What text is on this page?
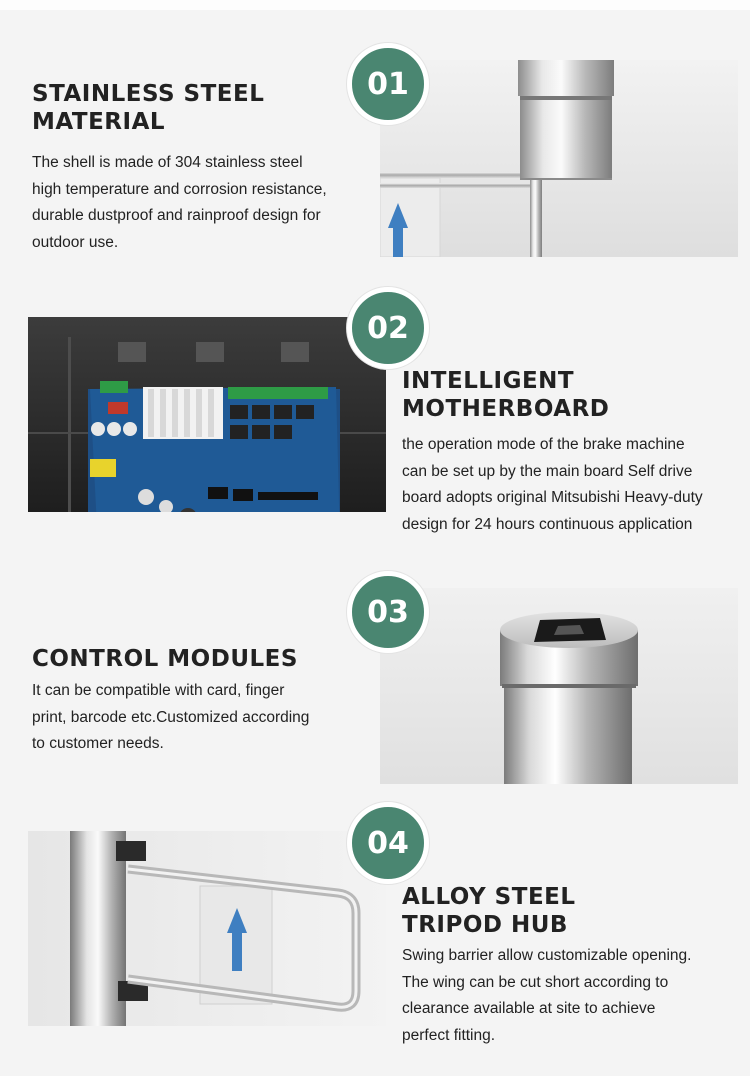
01
STAINLESS STEEL
MATERIAL

The shell is made of 304 stainless steel
high temperature and corrosion resistance,
durable dustproof and rainproof design for
outdoor use.

02
INTELLIGENT
MOTHERBOARD

the operation mode of the brake machine
can be set up by the main board Self drive
board adopts original Mitsubishi Heavy-duty
design for 24 hours continuous application

03
CONTROL MODULES

It can be compatible with card, finger
print, barcode etc.Customized according
to customer needs.

04
ALLOY STEEL
TRIPOD HUB

Swing barrier allow customizable opening.
The wing can be cut short according to
clearance available at site to achieve
perfect fitting.
